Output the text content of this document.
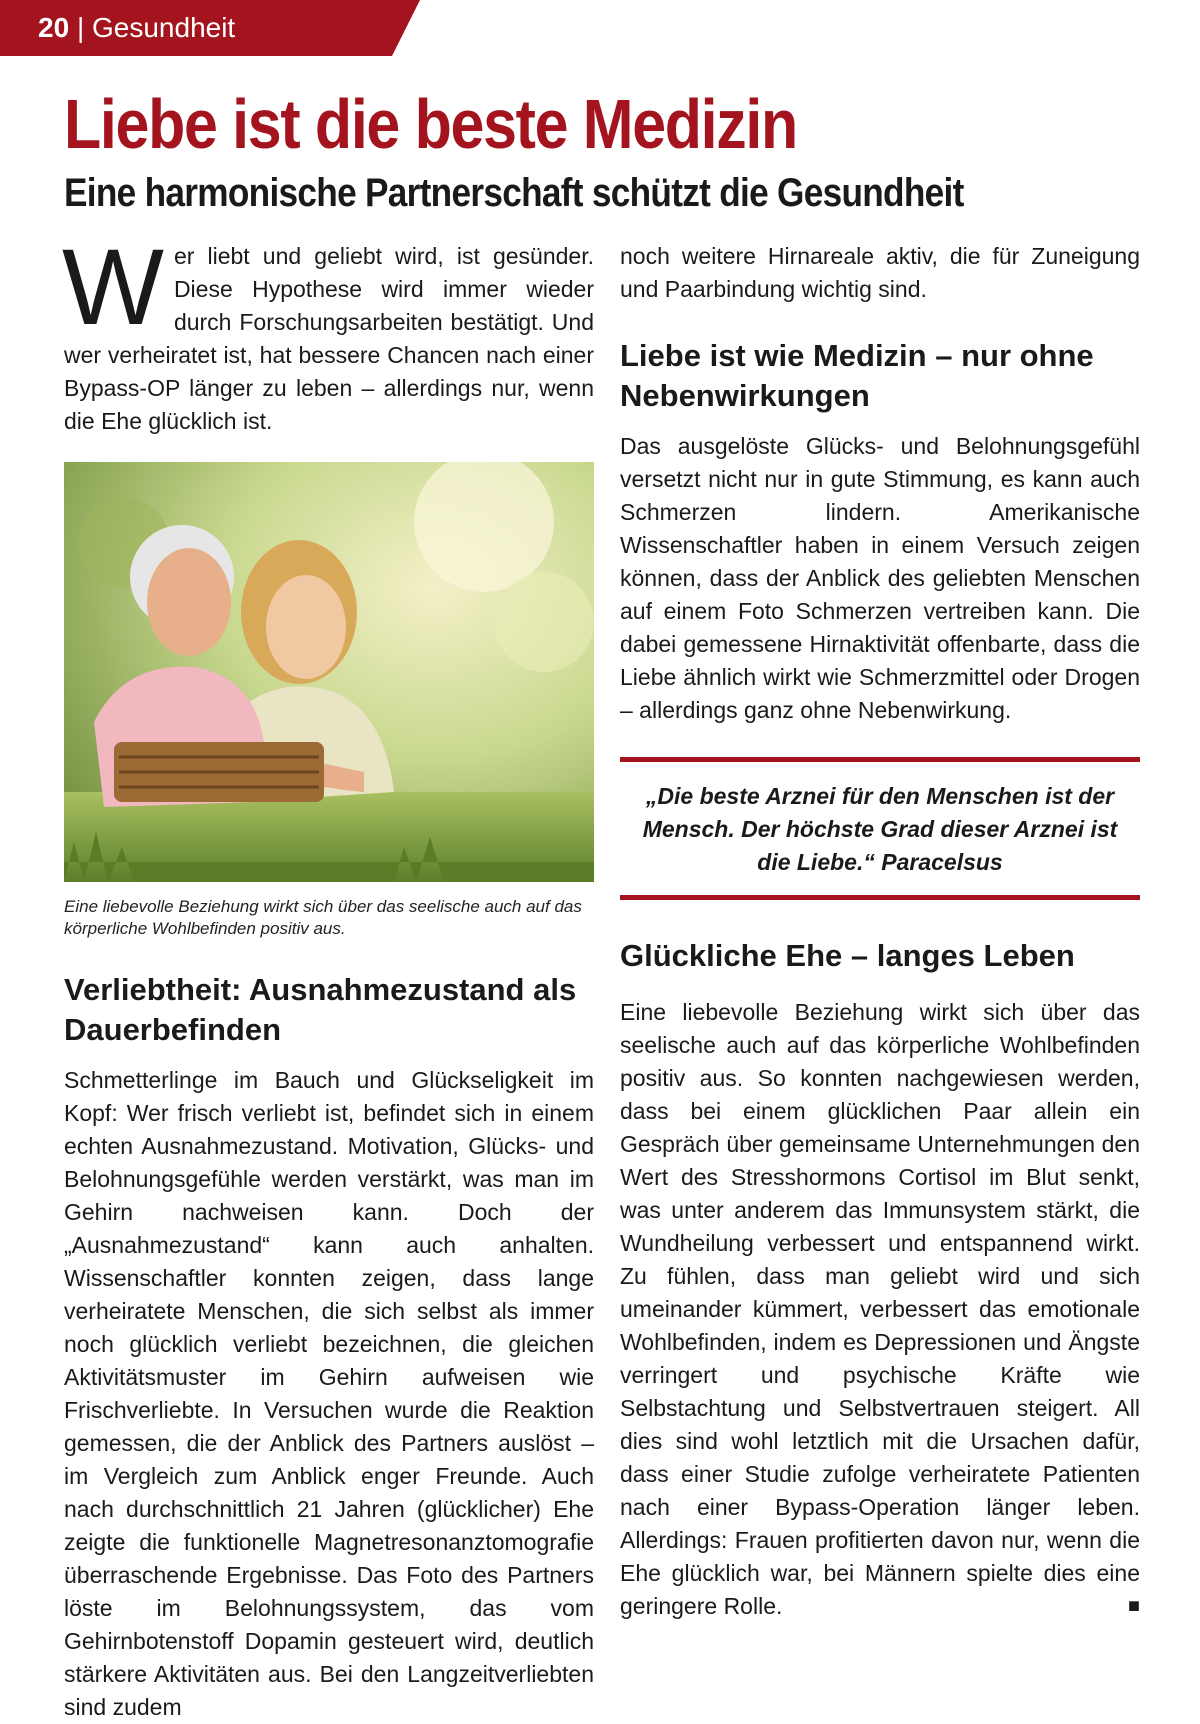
20 | Gesundheit
Liebe ist die beste Medizin
Eine harmonische Partnerschaft schützt die Gesundheit

W er liebt und geliebt wird, ist gesünder. Diese Hypothese wird immer wieder durch Forschungsarbeiten bestätigt. Und wer verheiratet ist, hat bessere Chancen nach einer Bypass-OP länger zu leben – allerdings nur, wenn die Ehe glücklich ist.

Eine liebevolle Beziehung wirkt sich über das seelische auch auf das körperliche Wohlbefinden positiv aus.

Verliebtheit: Ausnahmezustand als Dauerbefinden

Schmetterlinge im Bauch und Glückseligkeit im Kopf: Wer frisch verliebt ist, befindet sich in einem echten Ausnahmezustand. Motivation, Glücks- und Belohnungsgefühle werden verstärkt, was man im Gehirn nachweisen kann. Doch der „Ausnahmezustand“ kann auch anhalten. Wissenschaftler konnten zeigen, dass lange verheiratete Menschen, die sich selbst als immer noch glücklich verliebt bezeichnen, die gleichen Aktivitätsmuster im Gehirn aufweisen wie Frischverliebte. In Versuchen wurde die Reaktion gemessen, die der Anblick des Partners auslöst – im Vergleich zum Anblick enger Freunde. Auch nach durchschnittlich 21 Jahren (glücklicher) Ehe zeigte die funktionelle Magnetresonanztomografie überraschende Ergebnisse. Das Foto des Partners löste im Belohnungssystem, das vom Gehirnbotenstoff Dopamin gesteuert wird, deutlich stärkere Aktivitäten aus. Bei den Langzeitverliebten sind zudem

noch weitere Hirnareale aktiv, die für Zuneigung und Paarbindung wichtig sind.

Liebe ist wie Medizin – nur ohne Nebenwirkungen

Das ausgelöste Glücks- und Belohnungsgefühl versetzt nicht nur in gute Stimmung, es kann auch Schmerzen lindern. Amerikanische Wissenschaftler haben in einem Versuch zeigen können, dass der Anblick des geliebten Menschen auf einem Foto Schmerzen vertreiben kann. Die dabei gemessene Hirnaktivität offenbarte, dass die Liebe ähnlich wirkt wie Schmerzmittel oder Drogen – allerdings ganz ohne Nebenwirkung.

„Die beste Arznei für den Menschen ist der Mensch. Der höchste Grad dieser Arznei ist die Liebe.“ Paracelsus

Glückliche Ehe – langes Leben

Eine liebevolle Beziehung wirkt sich über das seelische auch auf das körperliche Wohlbefinden positiv aus. So konnten nachgewiesen werden, dass bei einem glücklichen Paar allein ein Gespräch über gemeinsame Unternehmungen den Wert des Stresshormons Cortisol im Blut senkt, was unter anderem das Immunsystem stärkt, die Wundheilung verbessert und entspannend wirkt. Zu fühlen, dass man geliebt wird und sich umeinander kümmert, verbessert das emotionale Wohlbefinden, indem es Depressionen und Ängste verringert und psychische Kräfte wie Selbstachtung und Selbstvertrauen steigert. All dies sind wohl letztlich mit die Ursachen dafür, dass einer Studie zufolge verheiratete Patienten nach einer Bypass-Operation länger leben. Allerdings: Frauen profitierten davon nur, wenn die Ehe glücklich war, bei Männern spielte dies eine geringere Rolle.	■
